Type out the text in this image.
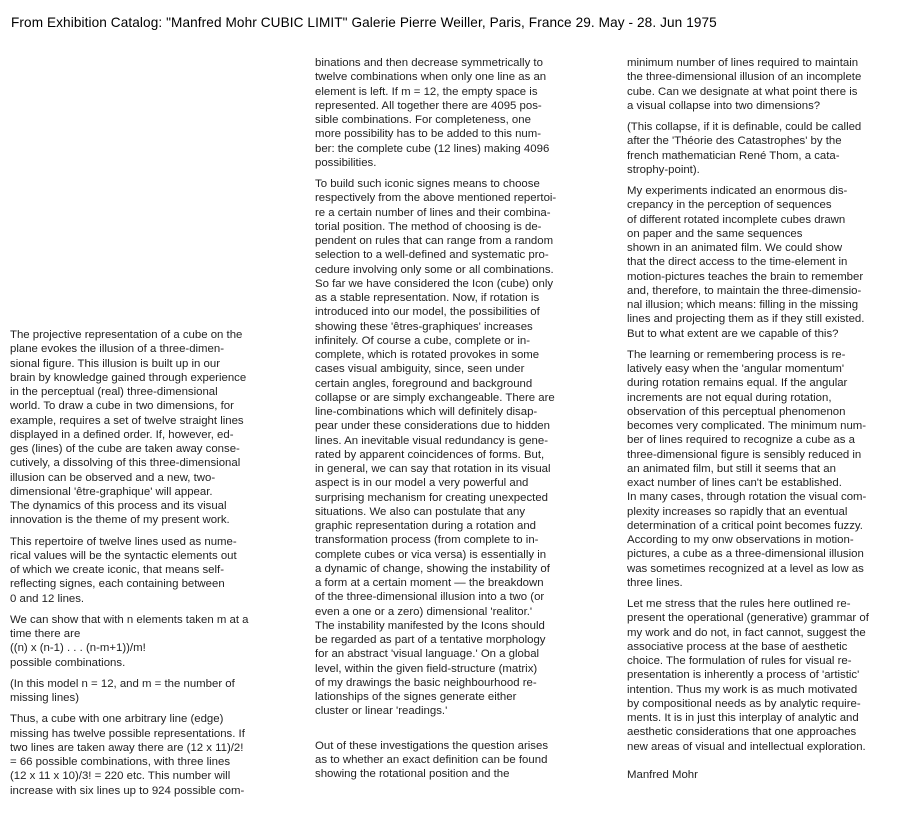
From Exhibition Catalog: "Manfred Mohr CUBIC LIMIT" Galerie Pierre Weiller, Paris, France 29. May - 28. Jun 1975

The projective representation of a cube on the
plane evokes the illusion of a three-dimen-
sional figure. This illusion is built up in our
brain by knowledge gained through experience
in the perceptual (real) three-dimensional
world. To draw a cube in two dimensions, for
example, requires a set of twelve straight lines
displayed in a defined order. If, however, ed-
ges (lines) of the cube are taken away conse-
cutively, a dissolving of this three-dimensional
illusion can be observed and a new, two-
dimensional 'être-graphique' will appear.
The dynamics of this process and its visual
innovation is the theme of my present work.

This repertoire of twelve lines used as nume-
rical values will be the syntactic elements out
of which we create iconic, that means self-
reflecting signes, each containing between
0 and 12 lines.

We can show that with n elements taken m at a
time there are
((n) x (n-1) . . . (n-m+1))/m!
possible combinations.

(In this model n = 12, and m = the number of
missing lines)

Thus, a cube with one arbitrary line (edge)
missing has twelve possible representations. If
two lines are taken away there are (12 x 11)/2!
= 66 possible combinations, with three lines
(12 x 11 x 10)/3! = 220 etc. This number will
increase with six lines up to 924 possible com-

binations and then decrease symmetrically to
twelve combinations when only one line as an
element is left. If m = 12, the empty space is
represented. All together there are 4095 pos-
sible combinations. For completeness, one
more possibility has to be added to this num-
ber: the complete cube (12 lines) making 4096
possibilities.

To build such iconic signes means to choose
respectively from the above mentioned repertoi-
re a certain number of lines and their combina-
torial position. The method of choosing is de-
pendent on rules that can range from a random
selection to a well-defined and systematic pro-
cedure involving only some or all combinations.
So far we have considered the Icon (cube) only
as a stable representation. Now, if rotation is
introduced into our model, the possibilities of
showing these 'êtres-graphiques' increases
infinitely. Of course a cube, complete or in-
complete, which is rotated provokes in some
cases visual ambiguity, since, seen under
certain angles, foreground and background
collapse or are simply exchangeable. There are
line-combinations which will definitely disap-
pear under these considerations due to hidden
lines. An inevitable visual redundancy is gene-
rated by apparent coincidences of forms. But,
in general, we can say that rotation in its visual
aspect is in our model a very powerful and
surprising mechanism for creating unexpected
situations. We also can postulate that any
graphic representation during a rotation and
transformation process (from complete to in-
complete cubes or vica versa) is essentially in
a dynamic of change, showing the instability of
a form at a certain moment — the breakdown
of the three-dimensional illusion into a two (or
even a one or a zero) dimensional 'realitor.'
The instability manifested by the Icons should
be regarded as part of a tentative morphology
for an abstract 'visual language.' On a global
level, within the given field-structure (matrix)
of my drawings the basic neighbourhood re-
lationships of the signes generate either
cluster or linear 'readings.'

Out of these investigations the question arises
as to whether an exact definition can be found
showing the rotational position and the

minimum number of lines required to maintain
the three-dimensional illusion of an incomplete
cube. Can we designate at what point there is
a visual collapse into two dimensions?

(This collapse, if it is definable, could be called
after the 'Théorie des Catastrophes' by the
french mathematician René Thom, a cata-
strophy-point).

My experiments indicated an enormous dis-
crepancy in the perception of sequences
of different rotated incomplete cubes drawn
on paper and the same sequences
shown in an animated film. We could show
that the direct access to the time-element in
motion-pictures teaches the brain to remember
and, therefore, to maintain the three-dimensio-
nal illusion; which means: filling in the missing
lines and projecting them as if they still existed.
But to what extent are we capable of this?

The learning or remembering process is re-
latively easy when the 'angular momentum'
during rotation remains equal. If the angular
increments are not equal during rotation,
observation of this perceptual phenomenon
becomes very complicated. The minimum num-
ber of lines required to recognize a cube as a
three-dimensional figure is sensibly reduced in
an animated film, but still it seems that an
exact number of lines can't be established.
In many cases, through rotation the visual com-
plexity increases so rapidly that an eventual
determination of a critical point becomes fuzzy.
According to my onw observations in motion-
pictures, a cube as a three-dimensional illusion
was sometimes recognized at a level as low as
three lines.

Let me stress that the rules here outlined re-
present the operational (generative) grammar of
my work and do not, in fact cannot, suggest the
associative process at the base of aesthetic
choice. The formulation of rules for visual re-
presentation is inherently a process of 'artistic'
intention. Thus my work is as much motivated
by compositional needs as by analytic require-
ments. It is in just this interplay of analytic and
aesthetic considerations that one approaches
new areas of visual and intellectual exploration.

Manfred Mohr
